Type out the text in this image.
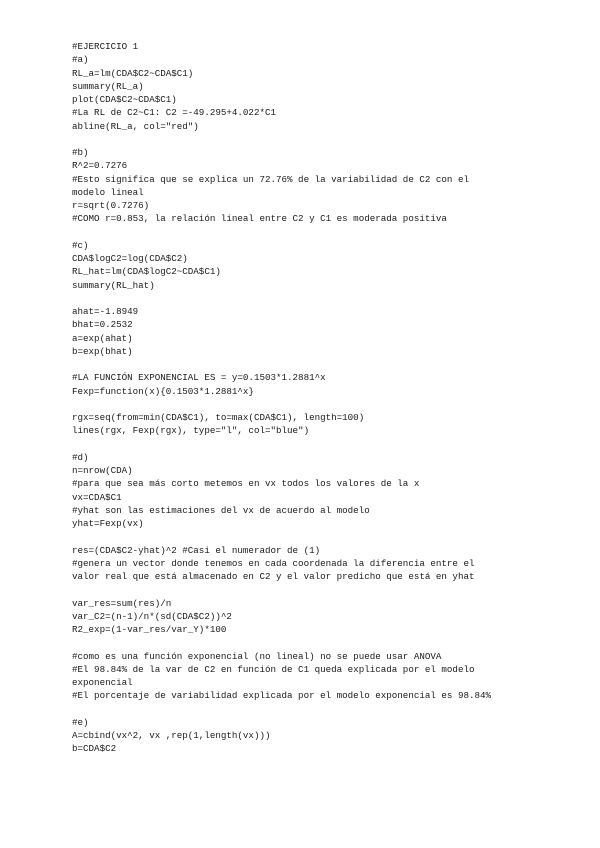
#EJERCICIO 1
#a)
RL_a=lm(CDA$C2~CDA$C1)
summary(RL_a)
plot(CDA$C2~CDA$C1)
#La RL de C2~C1: C2 =-49.295+4.022*C1
abline(RL_a, col="red")
#b)
R^2=0.7276
#Esto significa que se explica un 72.76% de la variabilidad de C2 con el
modelo lineal
r=sqrt(0.7276)
#COMO r=0.853, la relación lineal entre C2 y C1 es moderada positiva
#c)
CDA$logC2=log(CDA$C2)
RL_hat=lm(CDA$logC2~CDA$C1)
summary(RL_hat)
ahat=-1.8949
bhat=0.2532
a=exp(ahat)
b=exp(bhat)
#LA FUNCIÓN EXPONENCIAL ES = y=0.1503*1.2881^x
Fexp=function(x){0.1503*1.2881^x}
rgx=seq(from=min(CDA$C1), to=max(CDA$C1), length=100)
lines(rgx, Fexp(rgx), type="l", col="blue")
#d)
n=nrow(CDA)
#para que sea más corto metemos en vx todos los valores de la x
vx=CDA$C1
#yhat son las estimaciones del vx de acuerdo al modelo
yhat=Fexp(vx)
res=(CDA$C2-yhat)^2 #Casi el numerador de (1)
#genera un vector donde tenemos en cada coordenada la diferencia entre el
valor real que está almacenado en C2 y el valor predicho que está en yhat
var_res=sum(res)/n
var_C2=(n-1)/n*(sd(CDA$C2))^2
R2_exp=(1-var_res/var_Y)*100
#como es una función exponencial (no lineal) no se puede usar ANOVA
#El 98.84% de la var de C2 en función de C1 queda explicada por el modelo
exponencial
#El porcentaje de variabilidad explicada por el modelo exponencial es 98.84%
#e)
A=cbind(vx^2, vx ,rep(1,length(vx)))
b=CDA$C2
